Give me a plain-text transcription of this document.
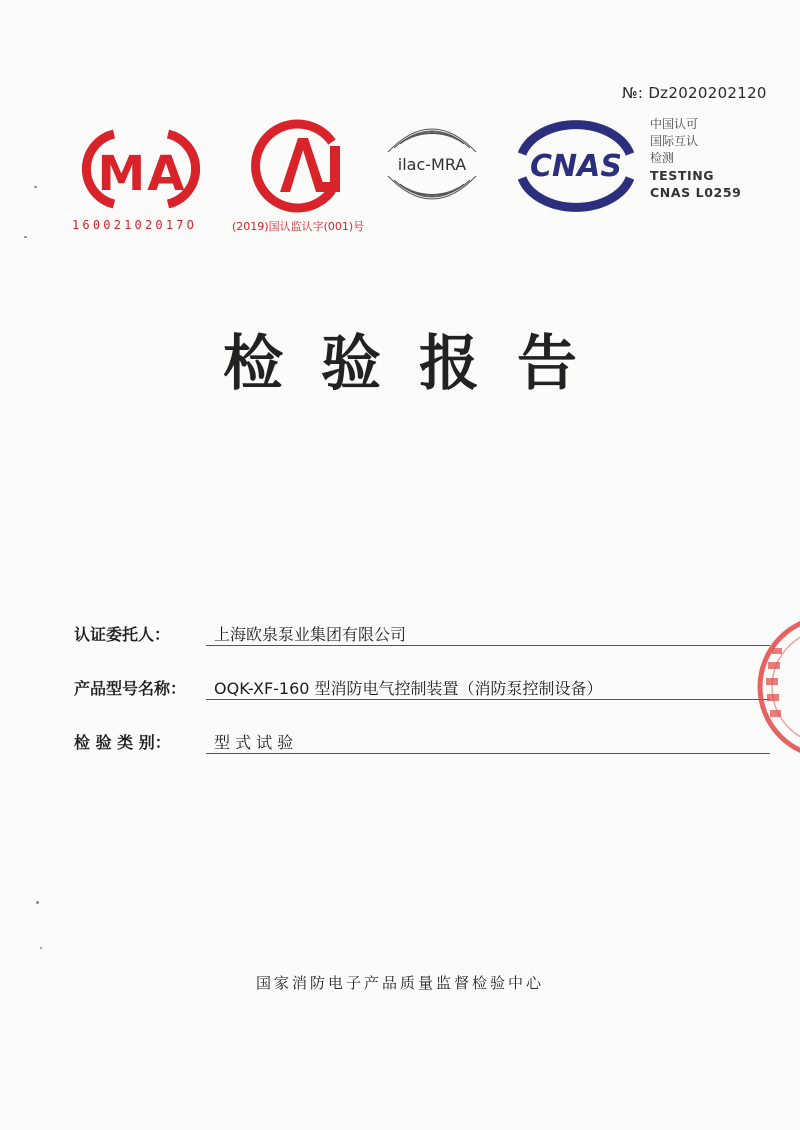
№: Dz2020202120
MA
16002102017O	(2019)国认监认字(001)号
ilac-MRA CNAS
中国认可
国际互认
检测
TESTING
CNAS L0259
检验报告
认证委托人：	上海欧泉泵业集团有限公司
产品型号名称： OQK-XF-160 型消防电气控制装置（消防泵控制设备）
检 验 类 别：	型 式 试 验
国家消防电子产品质量监督检验中心
